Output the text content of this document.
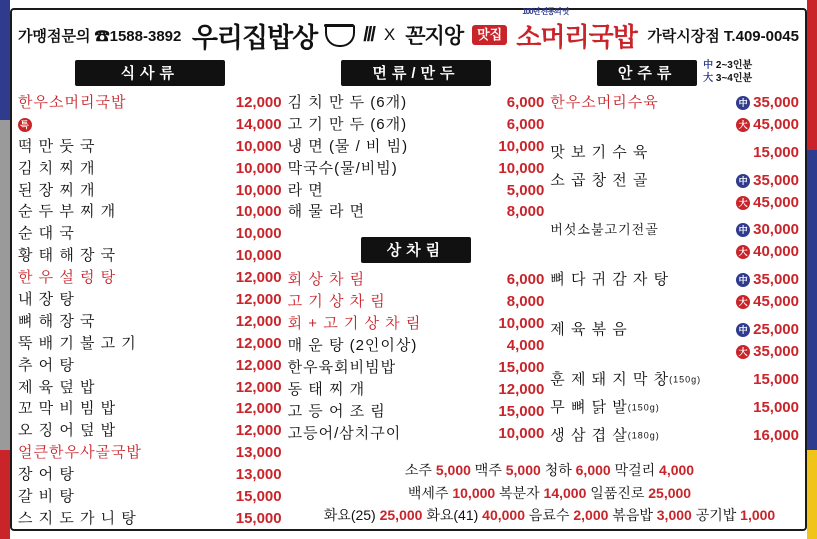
가맹점문의 ☎1588-3892 우리집밥상 /// X 꼰지앙	맛집
100년 전통의 맛
소머리국밥 가락시장점 T.409-0045
식사류
한우소머리국밥	12,000
특	14,000
떡 만 둣 국	10,000
김 치 찌 개	10,000
된 장 찌 개	10,000
순 두 부 찌 개	10,000
순 대 국	10,000
황 태 해 장 국	10,000
한 우 설 렁 탕	12,000
내 장 탕	12,000
뼈 해 장 국	12,000
뚝 배 기 불 고 기	12,000
추 어 탕	12,000
제 육 덮 밥	12,000
꼬 막 비 빔 밥	12,000
오 징 어 덮 밥	12,000
얼큰한우사골국밥	13,000
장 어 탕	13,000
갈 비 탕	15,000
스 지 도 가 니 탕	15,000
면류/만두
김 치 만 두 (6개)	6,000
고 기 만 두 (6개)	6,000
냉 면 (물 / 비 빔)	10,000
막국수(물/비빔)	10,000
라 면	5,000
해 물 라 면	8,000
상차림
회 상 차 림	6,000
고 기 상 차 림	8,000
회 + 고 기 상 차 림	10,000
매 운 탕 (2인이상)	4,000
한우육회비빔밥	15,000
동 태 찌 개	12,000
고 등 어 조 림	15,000
고등어/삼치구이	10,000
안주류	中 2~3인분
大 3~4인분
한우소머리수육	中 35,000
大 45,000
맛 보 기 수 육	15,000
소 곱 창 전 골	中 35,000
大 45,000
버섯소불고기전골	中 30,000
大 40,000
뼈 다 귀 감 자 탕	中 35,000
大 45,000
제 육 볶 음	中 25,000
大 35,000
훈 제 돼 지 막 창(150g)	15,000
무 뼈 닭 발(150g)	15,000
생 삼 겹 살(180g)	16,000
소주 5,000 맥주 5,000 청하 6,000 막걸리 4,000
백세주 10,000 복분자 14,000 일품진로 25,000
화요(25) 25,000 화요(41) 40,000 음료수 2,000 볶음밥 3,000 공기밥 1,000
